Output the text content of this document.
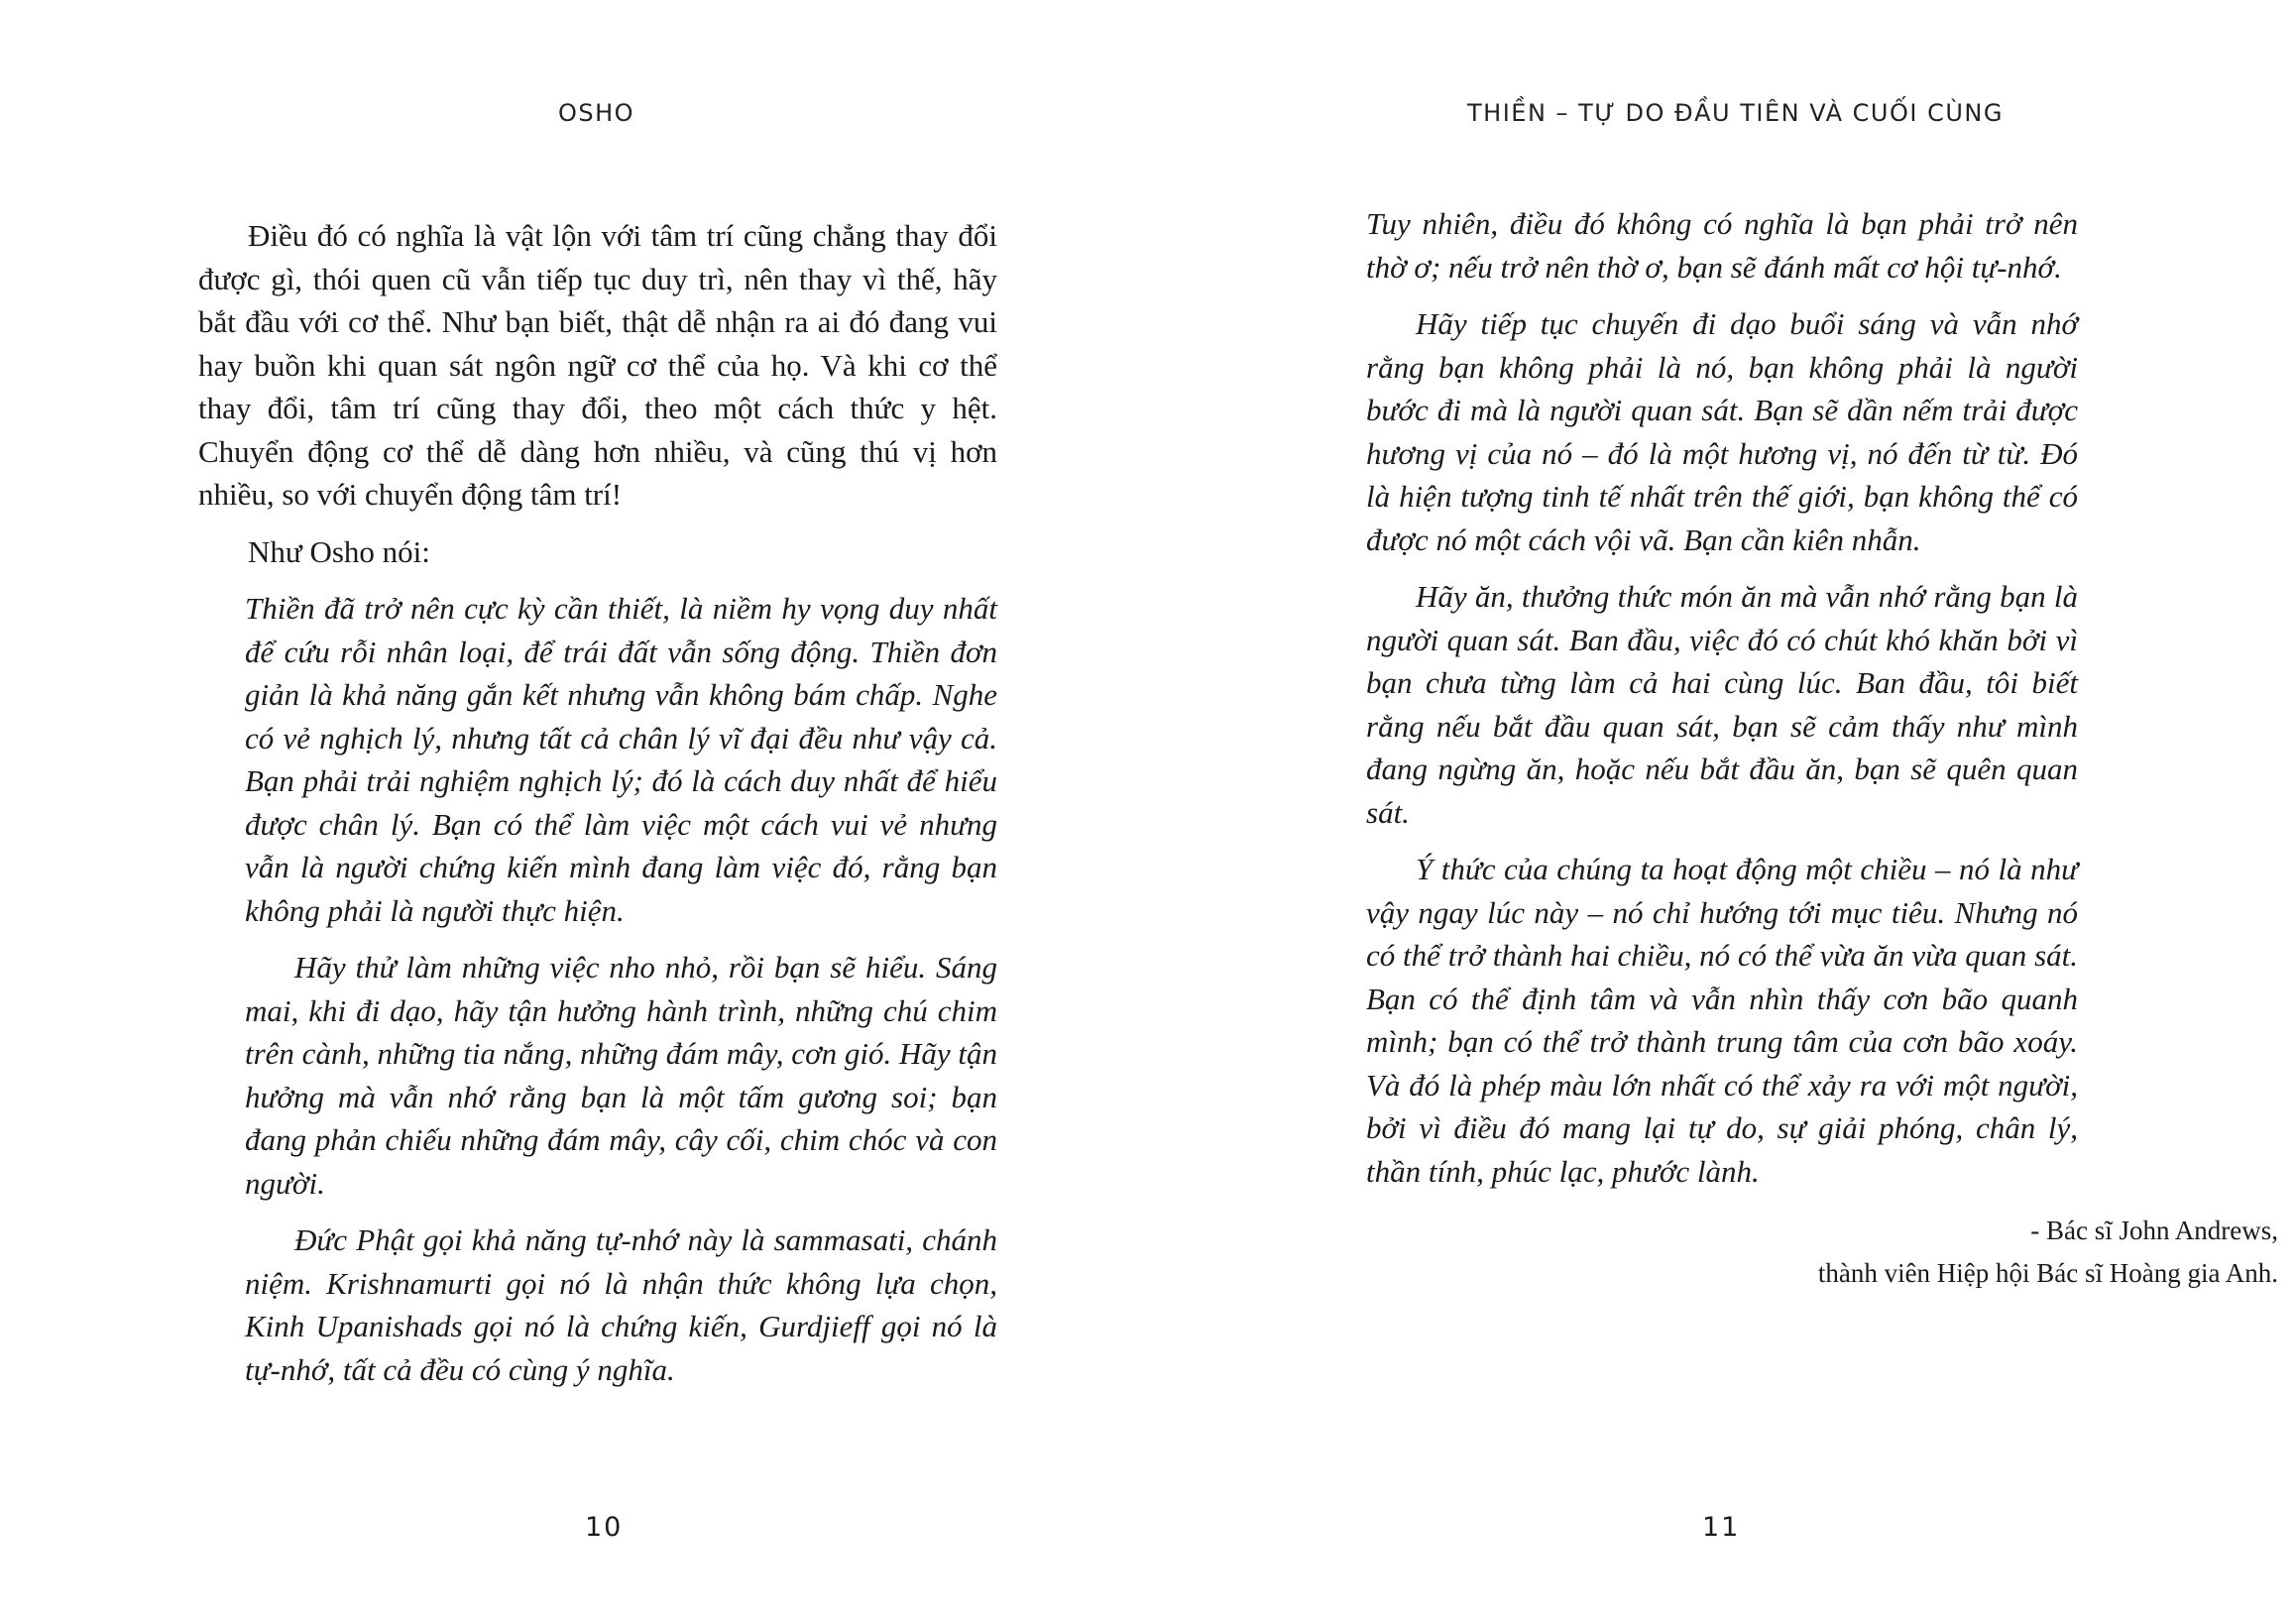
OSHO

Điều đó có nghĩa là vật lộn với tâm trí cũng chẳng thay đổi được gì, thói quen cũ vẫn tiếp tục duy trì, nên thay vì thế, hãy bắt đầu với cơ thể. Như bạn biết, thật dễ nhận ra ai đó đang vui hay buồn khi quan sát ngôn ngữ cơ thể của họ. Và khi cơ thể thay đổi, tâm trí cũng thay đổi, theo một cách thức y hệt. Chuyển động cơ thể dễ dàng hơn nhiều, và cũng thú vị hơn nhiều, so với chuyển động tâm trí!

Như Osho nói:

Thiền đã trở nên cực kỳ cần thiết, là niềm hy vọng duy nhất để cứu rỗi nhân loại, để trái đất vẫn sống động. Thiền đơn giản là khả năng gắn kết nhưng vẫn không bám chấp. Nghe có vẻ nghịch lý, nhưng tất cả chân lý vĩ đại đều như vậy cả. Bạn phải trải nghiệm nghịch lý; đó là cách duy nhất để hiểu được chân lý. Bạn có thể làm việc một cách vui vẻ nhưng vẫn là người chứng kiến mình đang làm việc đó, rằng bạn không phải là người thực hiện.

Hãy thử làm những việc nho nhỏ, rồi bạn sẽ hiểu. Sáng mai, khi đi dạo, hãy tận hưởng hành trình, những chú chim trên cành, những tia nắng, những đám mây, cơn gió. Hãy tận hưởng mà vẫn nhớ rằng bạn là một tấm gương soi; bạn đang phản chiếu những đám mây, cây cối, chim chóc và con người.

Đức Phật gọi khả năng tự-nhớ này là sammasati, chánh niệm. Krishnamurti gọi nó là nhận thức không lựa chọn, Kinh Upanishads gọi nó là chứng kiến, Gurdjieff gọi nó là tự-nhớ, tất cả đều có cùng ý nghĩa.

10
THIỀN – TỰ DO ĐẦU TIÊN VÀ CUỐI CÙNG

Tuy nhiên, điều đó không có nghĩa là bạn phải trở nên thờ ơ; nếu trở nên thờ ơ, bạn sẽ đánh mất cơ hội tự-nhớ.

Hãy tiếp tục chuyến đi dạo buổi sáng và vẫn nhớ rằng bạn không phải là nó, bạn không phải là người bước đi mà là người quan sát. Bạn sẽ dần nếm trải được hương vị của nó – đó là một hương vị, nó đến từ từ. Đó là hiện tượng tinh tế nhất trên thế giới, bạn không thể có được nó một cách vội vã. Bạn cần kiên nhẫn.

Hãy ăn, thưởng thức món ăn mà vẫn nhớ rằng bạn là người quan sát. Ban đầu, việc đó có chút khó khăn bởi vì bạn chưa từng làm cả hai cùng lúc. Ban đầu, tôi biết rằng nếu bắt đầu quan sát, bạn sẽ cảm thấy như mình đang ngừng ăn, hoặc nếu bắt đầu ăn, bạn sẽ quên quan sát.

Ý thức của chúng ta hoạt động một chiều – nó là như vậy ngay lúc này – nó chỉ hướng tới mục tiêu. Nhưng nó có thể trở thành hai chiều, nó có thể vừa ăn vừa quan sát. Bạn có thể định tâm và vẫn nhìn thấy cơn bão quanh mình; bạn có thể trở thành trung tâm của cơn bão xoáy. Và đó là phép màu lớn nhất có thể xảy ra với một người, bởi vì điều đó mang lại tự do, sự giải phóng, chân lý, thần tính, phúc lạc, phước lành.

- Bác sĩ John Andrews,
thành viên Hiệp hội Bác sĩ Hoàng gia Anh.
11
